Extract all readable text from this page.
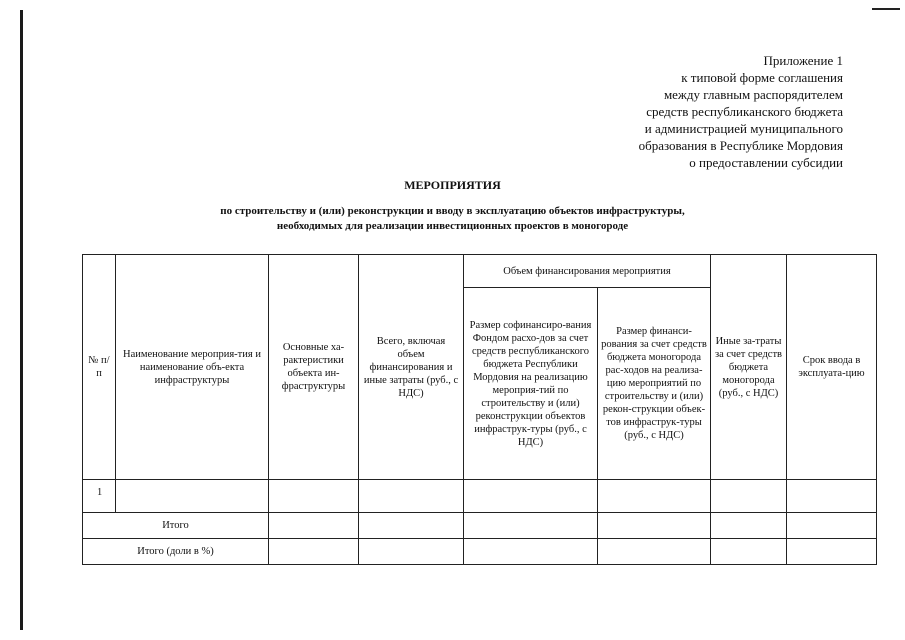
Приложение 1
к типовой форме соглашения
между главным распорядителем
средств республиканского бюджета
и администрацией муниципального
образования в Республике Мордовия
о предоставлении субсидии
МЕРОПРИЯТИЯ
по строительству и (или) реконструкции и вводу в эксплуатацию объектов инфраструктуры,
необходимых для реализации инвестиционных проектов в моногороде
№ п/п	Наименование мероприя-тия и наименование объ-екта инфраструктуры	Основные ха-рактеристики объекта ин-фраструктуры	Всего, включая объем финансирования и иные затраты (руб., с НДС)	Объем финансирования мероприятия		Иные за-траты за счет средств бюджета моногорода (руб., с НДС)	Срок ввода в эксплуата-цию
				Размер софинансиро-вания Фондом расхо-дов за счет средств республиканского бюджета Республики Мордовия на реализацию мероприя-тий по строительству и (или) реконструкции объектов инфраструк-туры (руб., с НДС)	Размер финанси-рования за счет средств бюджета моногорода рас-ходов на реализа-цию мероприятий по строительству и (или) рекон-струкции объек-тов инфраструк-туры (руб., с НДС)		
1							
Итого							
Итого (доли в %)							
